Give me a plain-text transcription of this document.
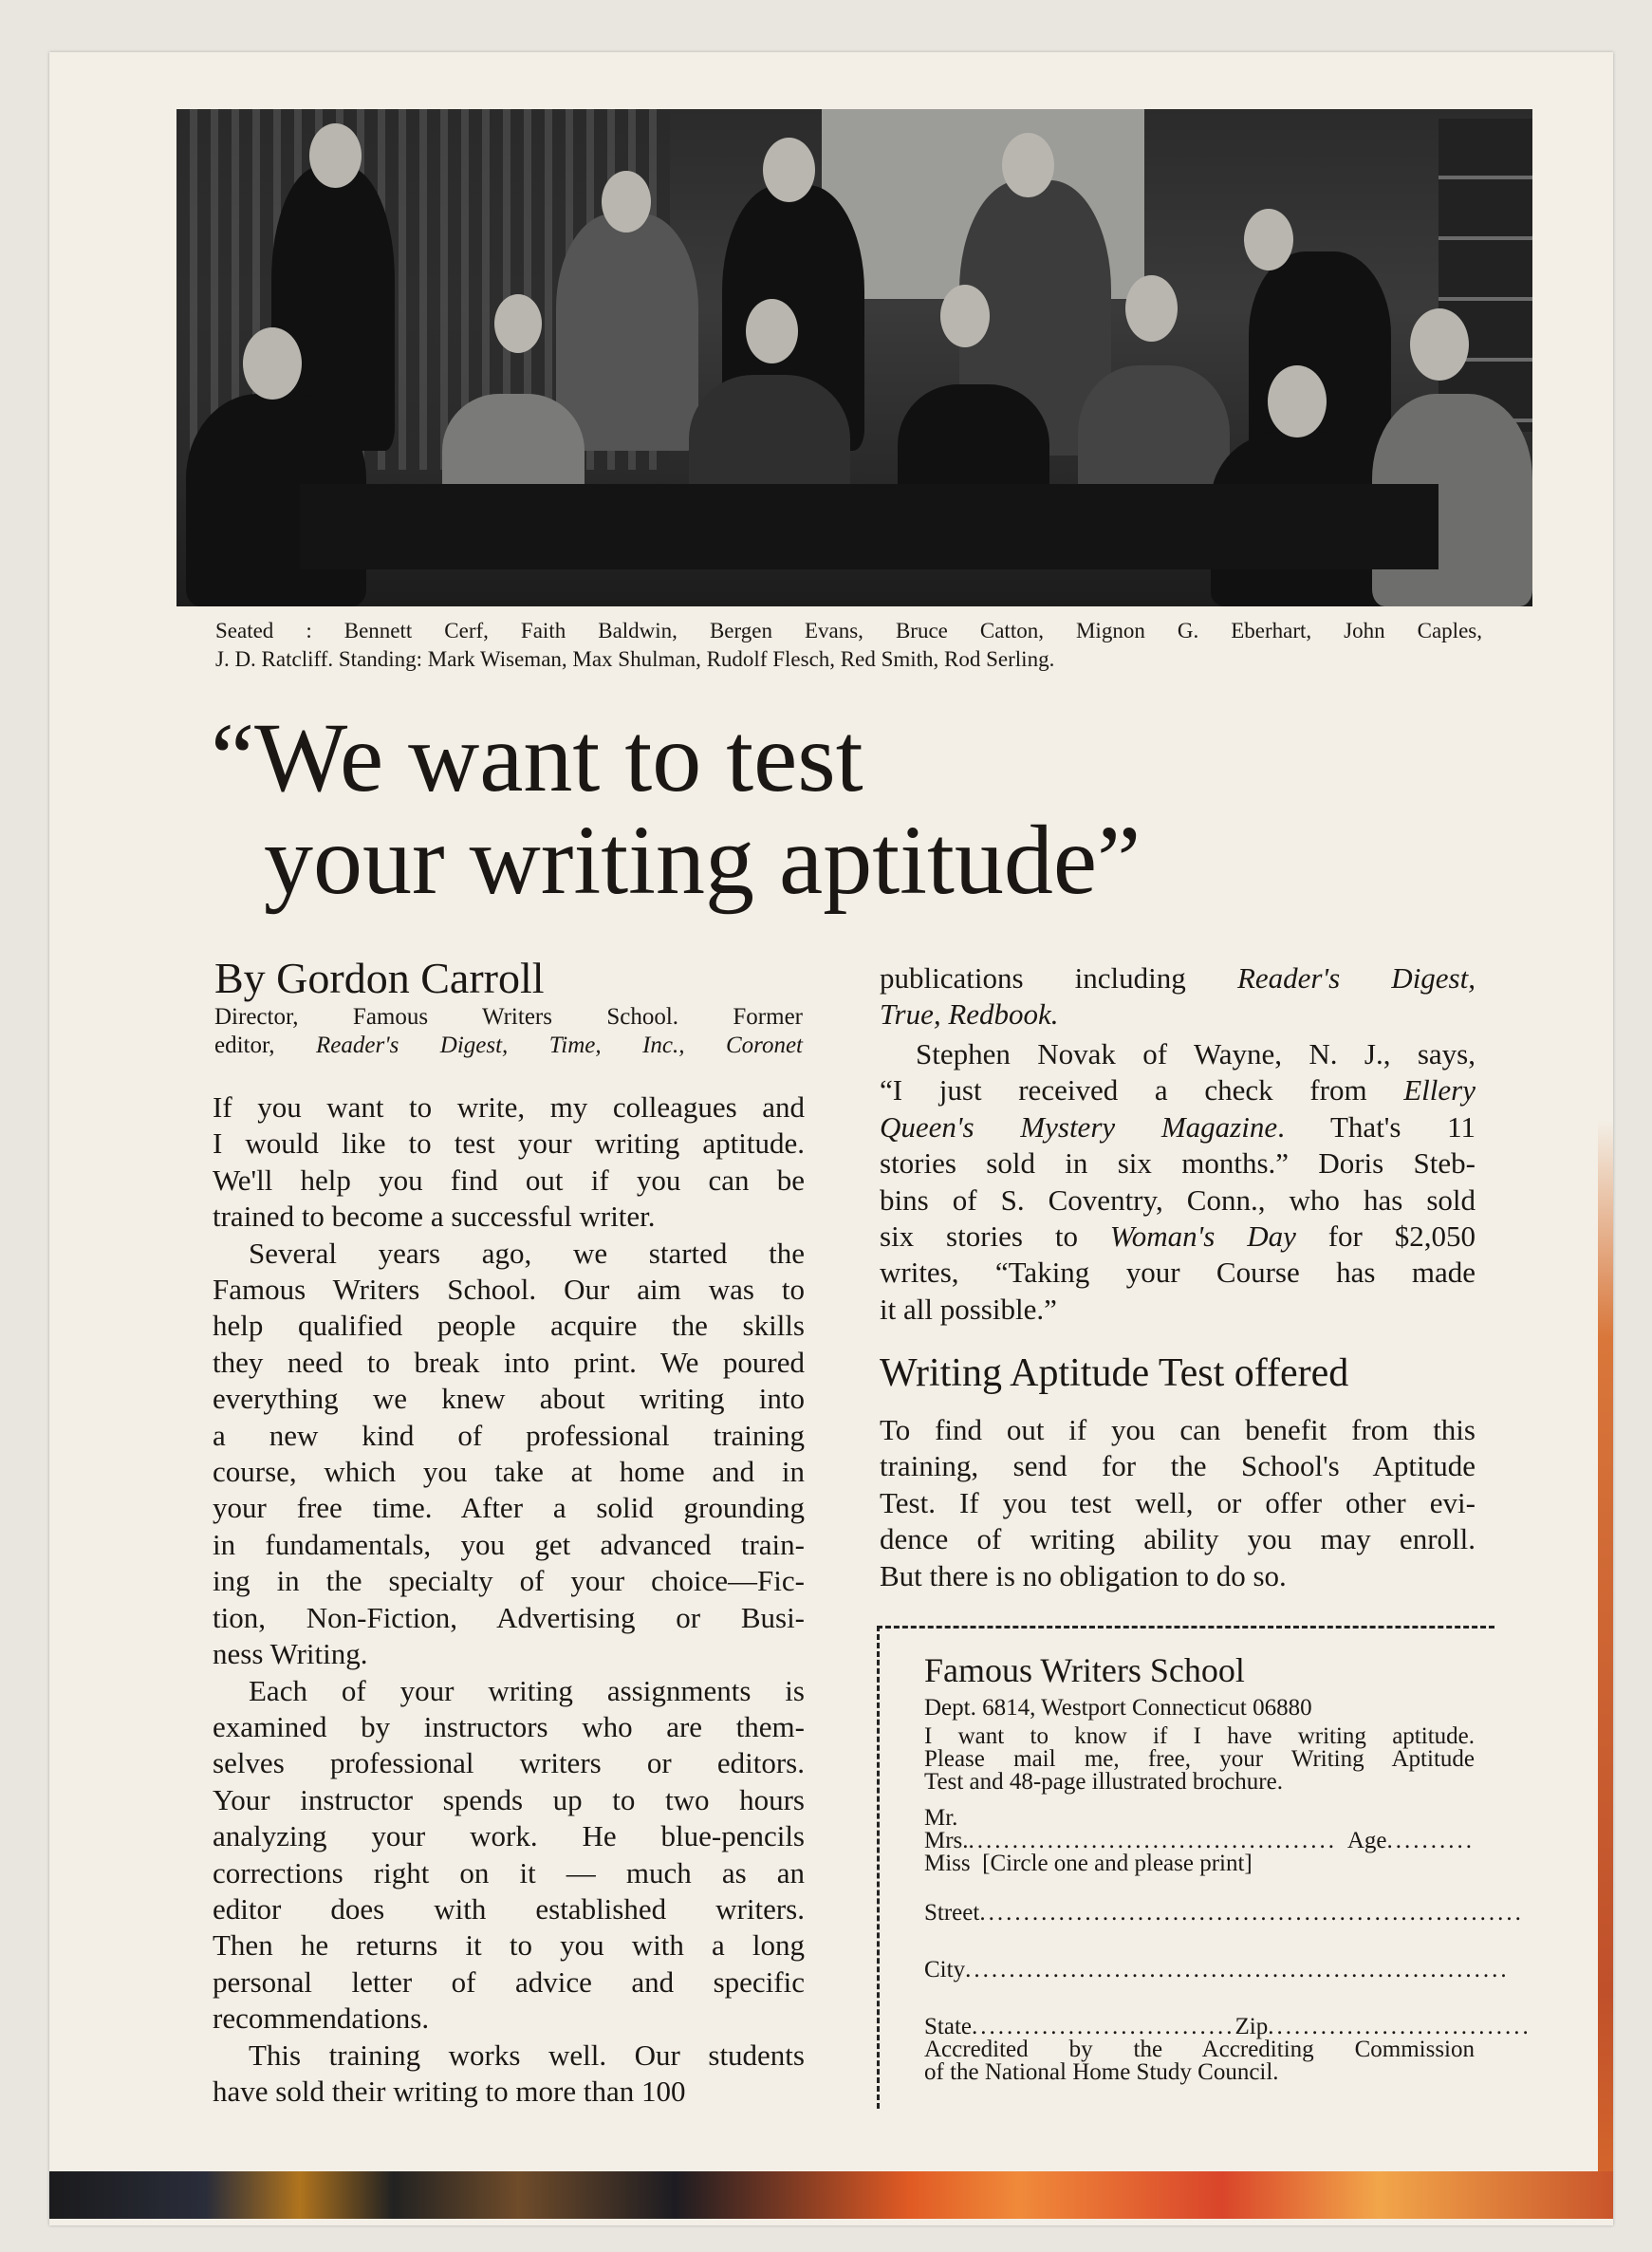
Seated : Bennett Cerf, Faith Baldwin, Bergen Evans, Bruce Catton, Mignon G. Eberhart, John Caples,
J. D. Ratcliff. Standing: Mark Wiseman, Max Shulman, Rudolf Flesch, Red Smith, Rod Serling.
“We want to test
your writing aptitude”
By Gordon Carroll
Director, Famous Writers School. Former
editor, Reader's Digest, Time, Inc., Coronet
If you want to write, my colleagues and
I would like to test your writing aptitude.
We'll help you find out if you can be
trained to become a successful writer.
Several years ago, we started the
Famous Writers School. Our aim was to
help qualified people acquire the skills
they need to break into print. We poured
everything we knew about writing into
a new kind of professional training
course, which you take at home and in
your free time. After a solid grounding
in fundamentals, you get advanced train-
ing in the specialty of your choice—Fic-
tion, Non-Fiction, Advertising or Busi-
ness Writing.
Each of your writing assignments is
examined by instructors who are them-
selves professional writers or editors.
Your instructor spends up to two hours
analyzing your work. He blue-pencils
corrections right on it — much as an
editor does with established writers.
Then he returns it to you with a long
personal letter of advice and specific
recommendations.
This training works well. Our students
have sold their writing to more than 100
publications including Reader's Digest,
True, Redbook.
Stephen Novak of Wayne, N. J., says,
“I just received a check from Ellery
Queen's Mystery Magazine. That's 11
stories sold in six months.” Doris Steb-
bins of S. Coventry, Conn., who has sold
six stories to Woman's Day for $2,050
writes, “Taking your Course has made
it all possible.”
Writing Aptitude Test offered
To find out if you can benefit from this
training, send for the School's Aptitude
Test. If you test well, or offer other evi-
dence of writing ability you may enroll.
But there is no obligation to do so.
Famous Writers School
Dept. 6814, Westport Connecticut 06880
I want to know if I have writing aptitude.
Please mail me, free, your Writing Aptitude
Test and 48-page illustrated brochure.
Mr.
Mrs. .......................................... Age ..........
Miss [Circle one and please print]
Street ..............................................................
City ..............................................................
State .............................. Zip ..............................
Accredited by the Accrediting Commission
of the National Home Study Council.
